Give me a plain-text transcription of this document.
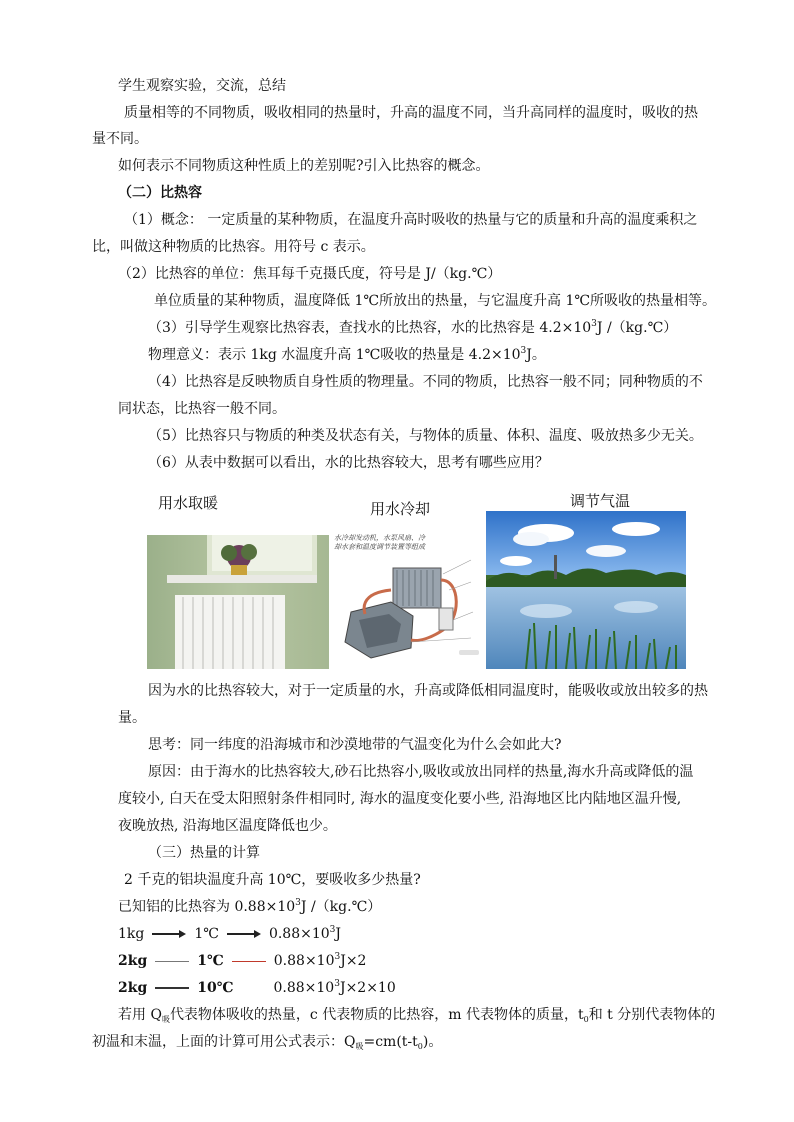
学生观察实验，交流，总结
质量相等的不同物质，吸收相同的热量时，升高的温度不同，当升高同样的温度时，吸收的热
量不同。
如何表示不同物质这种性质上的差别呢?引入比热容的概念。
（二）比热容
（1）概念： 一定质量的某种物质，在温度升高时吸收的热量与它的质量和升高的温度乘积之
比，叫做这种物质的比热容。用符号 c 表示。
（2）比热容的单位：焦耳每千克摄氏度，符号是 J/（kg.℃）
单位质量的某种物质，温度降低 1℃所放出的热量，与它温度升高 1℃所吸收的热量相等。
（3）引导学生观察比热容表，查找水的比热容，水的比热容是 $4.2\times 10^3J$ /（kg.℃）
物理意义：表示 1kg 水温度升高 1℃吸收的热量是 $4.2\times 10^3J$。
（4）比热容是反映物质自身性质的物理量。不同的物质，比热容一般不同；同种物质的不
同状态，比热容一般不同。
（5）比热容只与物质的种类及状态有关，与物体的质量、体积、温度、吸放热多少无关。
（6）从表中数据可以看出，水的比热容较大，思考有哪些应用？
用水取暖	用水冷却	调节气温
水冷却发动机，水泵风扇、冷却水套和温度调节装置等组成
因为水的比热容较大，对于一定质量的水，升高或降低相同温度时，能吸收或放出较多的热
量。
思考：同一纬度的沿海城市和沙漠地带的气温变化为什么会如此大?
原因：由于海水的比热容较大,砂石比热容小,吸收或放出同样的热量,海水升高或降低的温
度较小, 白天在受太阳照射条件相同时, 海水的温度变化要小些, 沿海地区比内陆地区温升慢,
夜晚放热, 沿海地区温度降低也少。
（三）热量的计算
2 千克的铝块温度升高 10℃，要吸收多少热量?
已知铝的比热容为 $0.88\times 10^3J$ /（kg.℃）
1kg	1℃	$0.88\times 10^3J$
2kg	1℃	$0.88\times 10^3J\times 2$
2kg	10℃	$0.88\times 10^3J\times 2\times 10$
若用 $Q_吸$代表物体吸收的热量，c 代表物质的比热容，m 代表物体的质量，$t_0$和 t 分别代表物体的
初温和末温，上面的计算可用公式表示：$Q_吸=cm(t-t_0)$。
